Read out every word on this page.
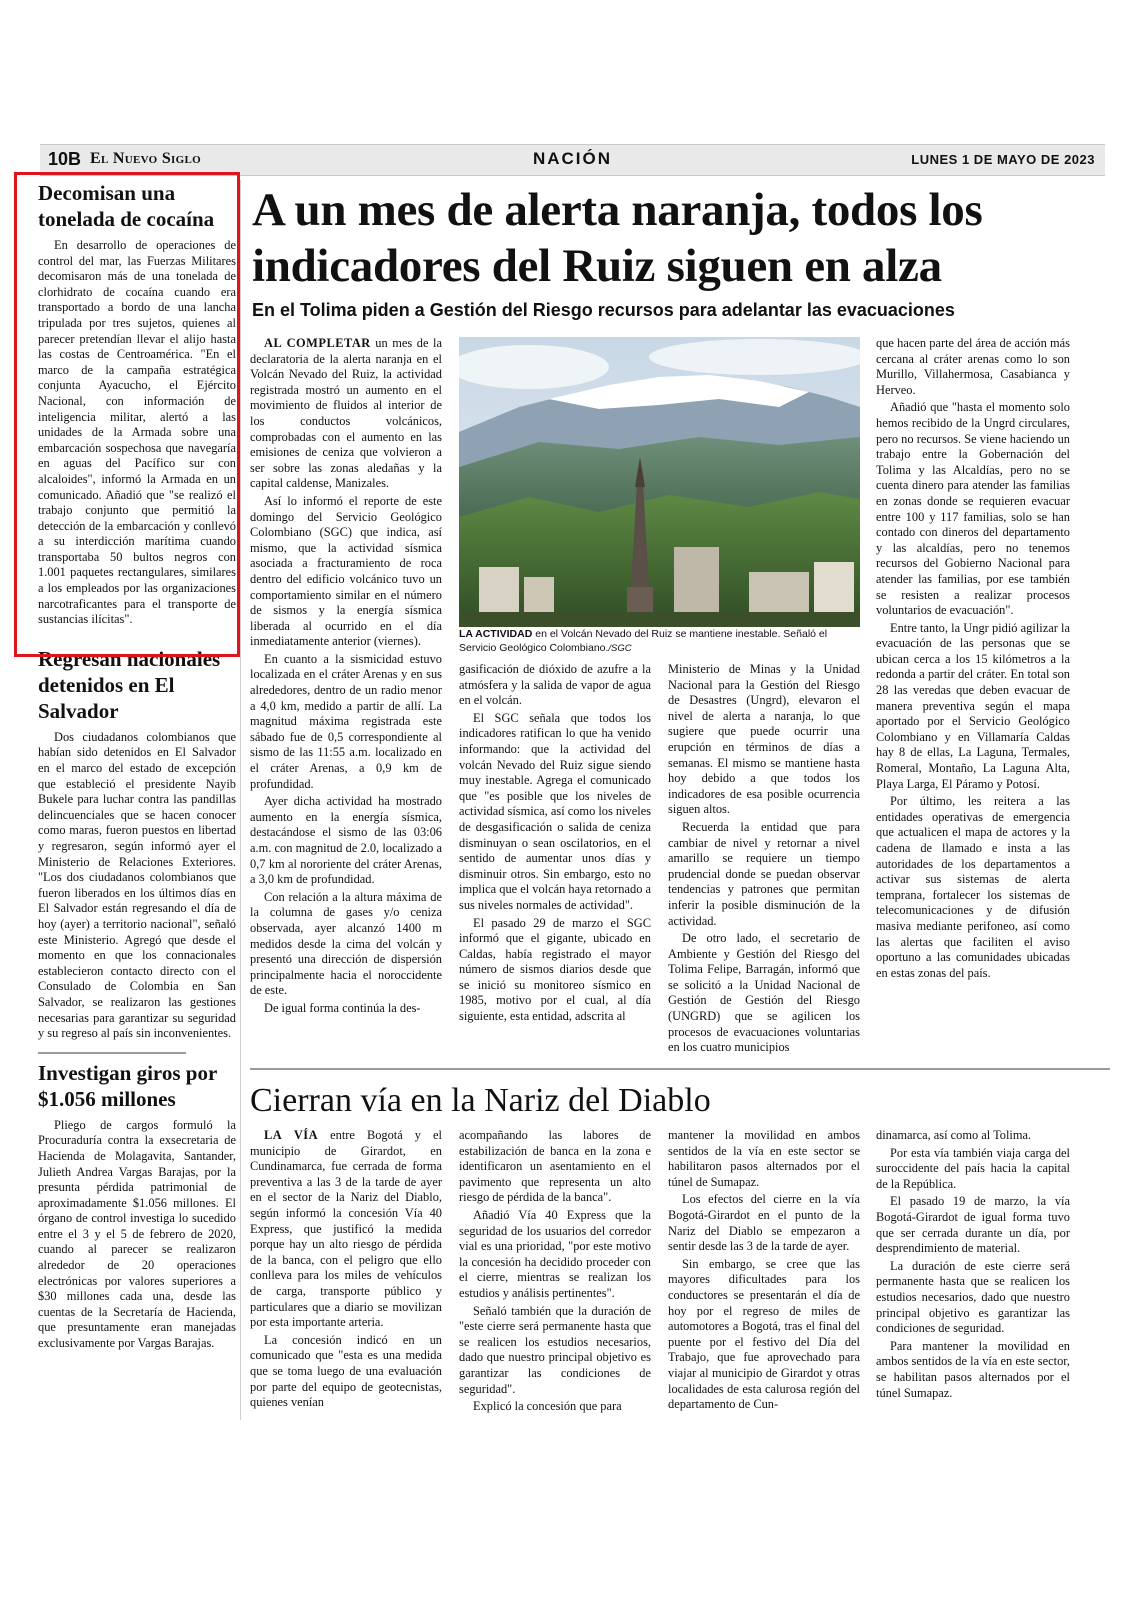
10B El Nuevo Siglo	NACIÓN	LUNES 1 DE MAYO DE 2023
Decomisan una tonelada de cocaína

En desarrollo de operaciones de control del mar, las Fuerzas Militares decomisaron más de una tonelada de clorhidrato de cocaína cuando era transportado a bordo de una lancha tripulada por tres sujetos, quienes al parecer pretendían llevar el alijo hasta las costas de Centroamérica. "En el marco de la campaña estratégica conjunta Ayacucho, el Ejército Nacional, con información de inteligencia militar, alertó a las unidades de la Armada sobre una embarcación sospechosa que navegaría en aguas del Pacífico sur con alcaloides", informó la Armada en un comunicado. Añadió que "se realizó el trabajo conjunto que permitió la detección de la embarcación y conllevó a su interdicción marítima cuando transportaba 50 bultos negros con 1.001 paquetes rectangulares, similares a los empleados por las organizaciones narcotraficantes para el transporte de sustancias ilícitas".

Regresan nacionales detenidos en El Salvador

Dos ciudadanos colombianos que habían sido detenidos en El Salvador en el marco del estado de excepción que estableció el presidente Nayib Bukele para luchar contra las pandillas delincuenciales que se hacen conocer como maras, fueron puestos en libertad y regresaron, según informó ayer el Ministerio de Relaciones Exteriores. "Los dos ciudadanos colombianos que fueron liberados en los últimos días en El Salvador están regresando el día de hoy (ayer) a territorio nacional", señaló este Ministerio. Agregó que desde el momento en que los connacionales establecieron contacto directo con el Consulado de Colombia en San Salvador, se realizaron las gestiones necesarias para garantizar su seguridad y su regreso al país sin inconvenientes.

Investigan giros por $1.056 millones

Pliego de cargos formuló la Procuraduría contra la exsecretaria de Hacienda de Molagavita, Santander, Julieth Andrea Vargas Barajas, por la presunta pérdida patrimonial de aproximadamente $1.056 millones. El órgano de control investiga lo sucedido entre el 3 y el 5 de febrero de 2020, cuando al parecer se realizaron alrededor de 20 operaciones electrónicas por valores superiores a $30 millones cada una, desde las cuentas de la Secretaría de Hacienda, que presuntamente eran manejadas exclusivamente por Vargas Barajas.

A un mes de alerta naranja, todos los indicadores del Ruiz siguen en alza
En el Tolima piden a Gestión del Riesgo recursos para adelantar las evacuaciones

AL COMPLETAR un mes de la declaratoria de la alerta naranja en el Volcán Nevado del Ruiz, la actividad registrada mostró un aumento en el movimiento de fluidos al interior de los conductos volcánicos, comprobadas con el aumento en las emisiones de ceniza que volvieron a ser sobre las zonas aledañas y la capital caldense, Manizales.

Así lo informó el reporte de este domingo del Servicio Geológico Colombiano (SGC) que indica, así mismo, que la actividad sísmica asociada a fracturamiento de roca dentro del edificio volcánico tuvo un comportamiento similar en el número de sismos y la energía sísmica liberada al ocurrido en el día inmediatamente anterior (viernes).

En cuanto a la sismicidad estuvo localizada en el cráter Arenas y en sus alrededores, dentro de un radio menor a 4,0 km, medido a partir de allí. La magnitud máxima registrada este sábado fue de 0,5 correspondiente al sismo de las 11:55 a.m. localizado en el cráter Arenas, a 0,9 km de profundidad.

Ayer dicha actividad ha mostrado aumento en la energía sísmica, destacándose el sismo de las 03:06 a.m. con magnitud de 2.0, localizado a 0,7 km al nororiente del cráter Arenas, a 3,0 km de profundidad.

Con relación a la altura máxima de la columna de gases y/o ceniza observada, ayer alcanzó 1400 m medidos desde la cima del volcán y presentó una dirección de dispersión principalmente hacia el noroccidente de este.

De igual forma continúa la des-

LA ACTIVIDAD en el Volcán Nevado del Ruiz se mantiene inestable. Señaló el Servicio Geológico Colombiano./SGC

gasificación de dióxido de azufre a la atmósfera y la salida de vapor de agua en el volcán.

El SGC señala que todos los indicadores ratifican lo que ha venido informando: que la actividad del volcán Nevado del Ruiz sigue siendo muy inestable. Agrega el comunicado que "es posible que los niveles de actividad sísmica, así como los niveles de desgasificación o salida de ceniza disminuyan o sean oscilatorios, en el sentido de aumentar unos días y disminuir otros. Sin embargo, esto no implica que el volcán haya retornado a sus niveles normales de actividad".

El pasado 29 de marzo el SGC informó que el gigante, ubicado en Caldas, había registrado el mayor número de sismos diarios desde que se inició su monitoreo sísmico en 1985, motivo por el cual, al día siguiente, esta entidad, adscrita al

Ministerio de Minas y la Unidad Nacional para la Gestión del Riesgo de Desastres (Ungrd), elevaron el nivel de alerta a naranja, lo que sugiere que puede ocurrir una erupción en términos de días a semanas. El mismo se mantiene hasta hoy debido a que todos los indicadores de esa posible ocurrencia siguen altos.

Recuerda la entidad que para cambiar de nivel y retornar a nivel amarillo se requiere un tiempo prudencial donde se puedan observar tendencias y patrones que permitan inferir la posible disminución de la actividad.

De otro lado, el secretario de Ambiente y Gestión del Riesgo del Tolima Felipe, Barragán, informó que se solicitó a la Unidad Nacional de Gestión de Gestión del Riesgo (UNGRD) que se agilicen los procesos de evacuaciones voluntarias en los cuatro municipios

que hacen parte del área de acción más cercana al cráter arenas como lo son Murillo, Villahermosa, Casabianca y Herveo.

Añadió que "hasta el momento solo hemos recibido de la Ungrd circulares, pero no recursos. Se viene haciendo un trabajo entre la Gobernación del Tolima y las Alcaldías, pero no se cuenta dinero para atender las familias en zonas donde se requieren evacuar entre 100 y 117 familias, solo se han contado con dineros del departamento y las alcaldías, pero no tenemos recursos del Gobierno Nacional para atender las familias, por ese también se resisten a realizar procesos voluntarios de evacuación".

Entre tanto, la Ungr pidió agilizar la evacuación de las personas que se ubican cerca a los 15 kilómetros a la redonda a partir del cráter. En total son 28 las veredas que deben evacuar de manera preventiva según el mapa aportado por el Servicio Geológico Colombiano y en Villamaría Caldas hay 8 de ellas, La Laguna, Termales, Romeral, Montaño, La Laguna Alta, Playa Larga, El Páramo y Potosí.

Por último, les reitera a las entidades operativas de emergencia que actualicen el mapa de actores y la cadena de llamado e insta a las autoridades de los departamentos a activar sus sistemas de alerta temprana, fortalecer los sistemas de telecomunicaciones y de difusión masiva mediante perifoneo, así como las alertas que faciliten el aviso oportuno a las comunidades ubicadas en estas zonas del país.

Cierran vía en la Nariz del Diablo

LA VÍA entre Bogotá y el municipio de Girardot, en Cundinamarca, fue cerrada de forma preventiva a las 3 de la tarde de ayer en el sector de la Nariz del Diablo, según informó la concesión Vía 40 Express, que justificó la medida porque hay un alto riesgo de pérdida de la banca, con el peligro que ello conlleva para los miles de vehículos de carga, transporte público y particulares que a diario se movilizan por esta importante arteria.

La concesión indicó en un comunicado que "esta es una medida que se toma luego de una evaluación por parte del equipo de geotecnistas, quienes venían

acompañando las labores de estabilización de banca en la zona e identificaron un asentamiento en el pavimento que representa un alto riesgo de pérdida de la banca".

Añadió Vía 40 Express que la seguridad de los usuarios del corredor vial es una prioridad, "por este motivo la concesión ha decidido proceder con el cierre, mientras se realizan los estudios y análisis pertinentes".

Señaló también que la duración de "este cierre será permanente hasta que se realicen los estudios necesarios, dado que nuestro principal objetivo es garantizar las condiciones de seguridad".

Explicó la concesión que para

mantener la movilidad en ambos sentidos de la vía en este sector se habilitaron pasos alternados por el túnel de Sumapaz.

Los efectos del cierre en la vía Bogotá-Girardot en el punto de la Nariz del Diablo se empezaron a sentir desde las 3 de la tarde de ayer.

Sin embargo, se cree que las mayores dificultades para los conductores se presentarán el día de hoy por el regreso de miles de automotores a Bogotá, tras el final del puente por el festivo del Día del Trabajo, que fue aprovechado para viajar al municipio de Girardot y otras localidades de esta calurosa región del departamento de Cun-

dinamarca, así como al Tolima.

Por esta vía también viaja carga del suroccidente del país hacia la capital de la República.

El pasado 19 de marzo, la vía Bogotá-Girardot de igual forma tuvo que ser cerrada durante un día, por desprendimiento de material.

La duración de este cierre será permanente hasta que se realicen los estudios necesarios, dado que nuestro principal objetivo es garantizar las condiciones de seguridad.

Para mantener la movilidad en ambos sentidos de la vía en este sector, se habilitan pasos alternados por el túnel Sumapaz.
